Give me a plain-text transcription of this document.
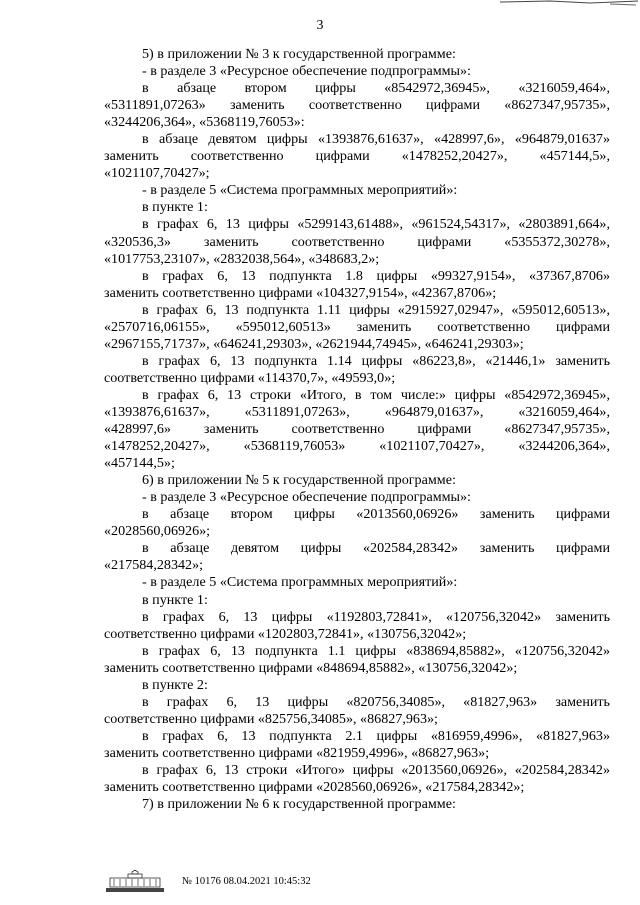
3
5) в приложении № 3 к государственной программе:
- в разделе 3 «Ресурсное обеспечение подпрограммы»:
в абзаце втором цифры «8542972,36945», «3216059,464»,
«5311891,07263» заменить соответственно цифрами «8627347,95735»,
«3244206,364», «5368119,76053»:
в абзаце девятом цифры «1393876,61637», «428997,6», «964879,01637»
заменить соответственно цифрами «1478252,20427», «457144,5»,
«1021107,70427»;
- в разделе 5 «Система программных мероприятий»:
в пункте 1:
в графах 6, 13 цифры «5299143,61488», «961524,54317», «2803891,664»,
«320536,3» заменить соответственно цифрами «5355372,30278»,
«1017753,23107», «2832038,564», «348683,2»;
в графах 6, 13 подпункта 1.8 цифры «99327,9154», «37367,8706»
заменить соответственно цифрами «104327,9154», «42367,8706»;
в графах 6, 13 подпункта 1.11 цифры «2915927,02947», «595012,60513»,
«2570716,06155», «595012,60513» заменить соответственно цифрами
«2967155,71737», «646241,29303», «2621944,74945», «646241,29303»;
в графах 6, 13 подпункта 1.14 цифры «86223,8», «21446,1» заменить
соответственно цифрами «114370,7», «49593,0»;
в графах 6, 13 строки «Итого, в том числе:» цифры «8542972,36945»,
«1393876,61637», «5311891,07263», «964879,01637», «3216059,464»,
«428997,6» заменить соответственно цифрами «8627347,95735»,
«1478252,20427», «5368119,76053» «1021107,70427», «3244206,364»,
«457144,5»;
6) в приложении № 5 к государственной программе:
- в разделе 3 «Ресурсное обеспечение подпрограммы»:
в абзаце втором цифры «2013560,06926» заменить цифрами
«2028560,06926»;
в абзаце девятом цифры «202584,28342» заменить цифрами
«217584,28342»;
- в разделе 5 «Система программных мероприятий»:
в пункте 1:
в графах 6, 13 цифры «1192803,72841», «120756,32042» заменить
соответственно цифрами «1202803,72841», «130756,32042»;
в графах 6, 13 подпункта 1.1 цифры «838694,85882», «120756,32042»
заменить соответственно цифрами «848694,85882», «130756,32042»;
в пункте 2:
в графах 6, 13 цифры «820756,34085», «81827,963» заменить
соответственно цифрами «825756,34085», «86827,963»;
в графах 6, 13 подпункта 2.1 цифры «816959,4996», «81827,963»
заменить соответственно цифрами «821959,4996», «86827,963»;
в графах 6, 13 строки «Итого» цифры «2013560,06926», «202584,28342»
заменить соответственно цифрами «2028560,06926», «217584,28342»;
7) в приложении № 6 к государственной программе:
№ 10176 08.04.2021 10:45:32
